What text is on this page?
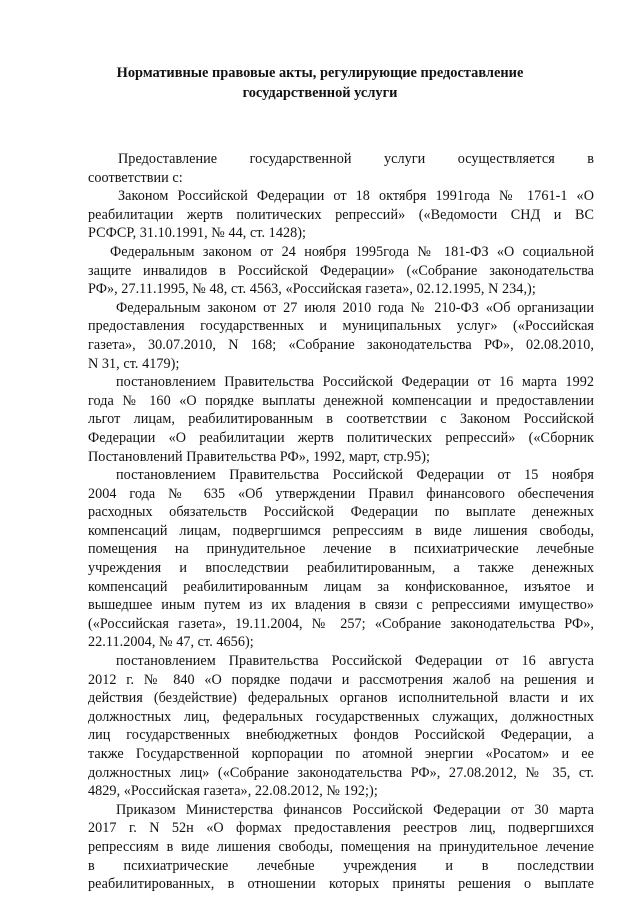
Нормативные правовые акты, регулирующие предоставление
государственной услуги
Предоставление государственной услуги осуществляется в
соответствии с:
Законом Российской Федерации от 18 октября 1991года № 1761-1 «О
реабилитации жертв политических репрессий» («Ведомости СНД и ВС
РСФСР, 31.10.1991, № 44, ст. 1428);
Федеральным законом от 24 ноября 1995года № 181-ФЗ «О социальной
защите инвалидов в Российской Федерации» («Собрание законодательства
РФ», 27.11.1995, № 48, ст. 4563, «Российская газета», 02.12.1995, N 234,);
Федеральным законом от 27 июля 2010 года № 210-ФЗ «Об организации
предоставления государственных и муниципальных услуг» («Российская
газета», 30.07.2010, N 168; «Собрание законодательства РФ», 02.08.2010,
N 31, ст. 4179);
постановлением Правительства Российской Федерации от 16 марта 1992
года № 160 «О порядке выплаты денежной компенсации и предоставлении
льгот лицам, реабилитированным в соответствии с Законом Российской
Федерации «О реабилитации жертв политических репрессий» («Сборник
Постановлений Правительства РФ», 1992, март, стр.95);
постановлением Правительства Российской Федерации от 15 ноября
2004 года № 635 «Об утверждении Правил финансового обеспечения
расходных обязательств Российской Федерации по выплате денежных
компенсаций лицам, подвергшимся репрессиям в виде лишения свободы,
помещения на принудительное лечение в психиатрические лечебные
учреждения и впоследствии реабилитированным, а также денежных
компенсаций реабилитированным лицам за конфискованное, изъятое и
вышедшее иным путем из их владения в связи с репрессиями имущество»
(«Российская газета», 19.11.2004, № 257; «Собрание законодательства РФ»,
22.11.2004, № 47, ст. 4656);
постановлением Правительства Российской Федерации от 16 августа
2012 г. № 840 «О порядке подачи и рассмотрения жалоб на решения и
действия (бездействие) федеральных органов исполнительной власти и их
должностных лиц, федеральных государственных служащих, должностных
лиц государственных внебюджетных фондов Российской Федерации, а
также Государственной корпорации по атомной энергии «Росатом» и ее
должностных лиц» («Собрание законодательства РФ», 27.08.2012, № 35, ст.
4829, «Российская газета», 22.08.2012, № 192;);
Приказом Министерства финансов Российской Федерации от 30 марта
2017 г. N 52н «О формах предоставления реестров лиц, подвергшихся
репрессиям в виде лишения свободы, помещения на принудительное лечение
в психиатрические лечебные учреждения и в последствии
реабилитированных, в отношении которых приняты решения о выплате
